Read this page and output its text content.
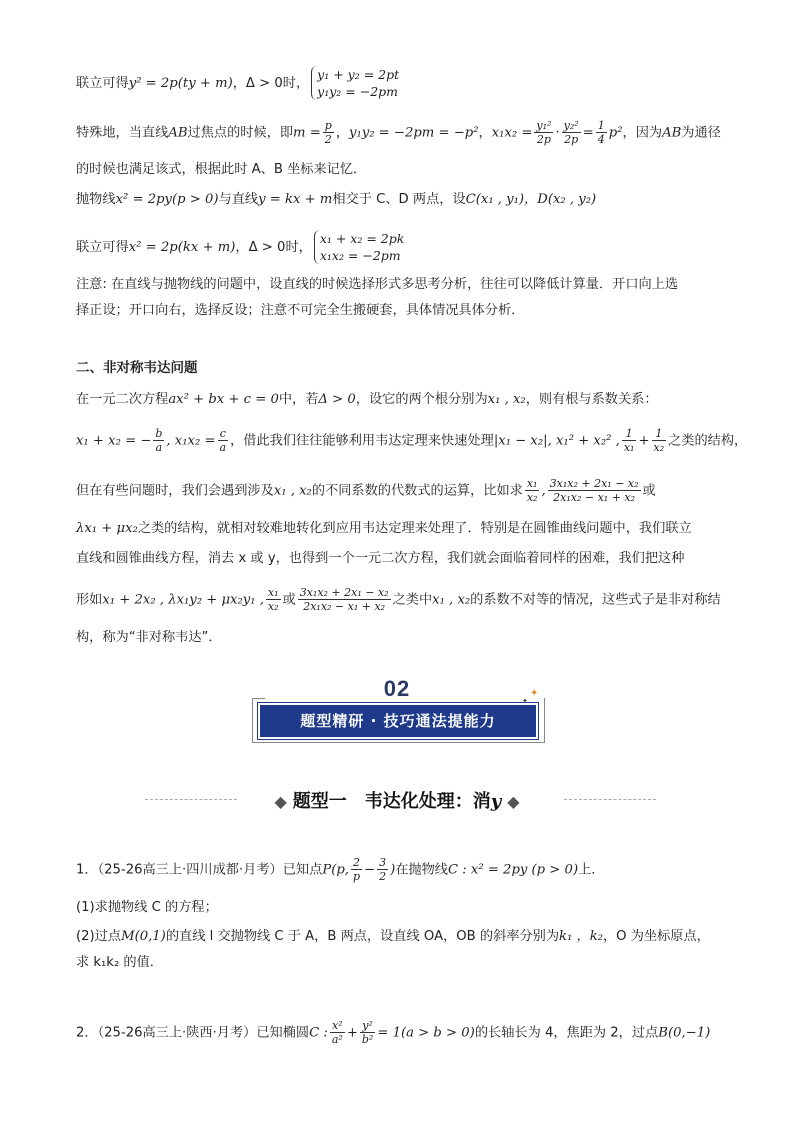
联立可得y² = 2p(ty + m)，Δ > 0时，
y₁ + y₂ = 2pt
y₁y₂ = −2pm
特殊地，当直线AB过焦点的时候，即$m = \frac{p}{2}$ ，y₁y₂ = −2pm = −p²，$x_1x_2 = \frac{\text{y₁²}}{2p} \cdot \frac{\text{y₂²}}{2p} = \frac{1}{4} p^2$，因为AB为通径
的时候也满足该式，根据此时 A、B 坐标来记忆．
抛物线x² = 2py(p > 0)与直线y = kx + m相交于 C、D 两点，设C(x₁ , y₁)，D(x₂ , y₂)
联立可得x² = 2p(kx + m)，Δ > 0时，
x₁ + x₂ = 2pk
x₁x₂ = −2pm
注意: 在直线与抛物线的问题中，设直线的时候选择形式多思考分析，往往可以降低计算量．开口向上选
择正设；开口向右，选择反设；注意不可完全生搬硬套，具体情况具体分析．
二、非对称韦达问题
在一元二次方程ax² + bx + c = 0中，若Δ > 0，设它的两个根分别为x₁ , x₂，则有根与系数关系：
x₁ + x₂ = − $\frac{b}{a}$ , $x_1x_2 = \frac{c}{a}$ ，借此我们往往能够利用韦达定理来快速处理|x₁ − x₂|, x₁² + x₂² , $\frac{1}{\text{x₁}} + \frac{1}{\text{x₂}}$ 之类的结构，
但在有些问题时，我们会遇到涉及x₁ , x₂的不同系数的代数式的运算，比如求 $\frac{\text{x₁}}{\text{x₂}}$ , $\frac{\text{3x₁x₂ + 2x₁ − x₂}}{\text{2x₁x₂ − x₁ + x₂}}$ 或
λx₁ + μx₂之类的结构，就相对较难地转化到应用韦达定理来处理了．特别是在圆锥曲线问题中，我们联立
直线和圆锥曲线方程，消去 x 或 y，也得到一个一元二次方程，我们就会面临着同样的困难，我们把这种
形如x₁ + 2x₂ , λx₁y₂ + μx₂y₁ , $\frac{\text{x₁}}{\text{x₂}}$ 或 $\frac{\text{3x₁x₂ + 2x₁ − x₂}}{\text{2x₁x₂ − x₁ + x₂}}$ 之类中x₁ , x₂的系数不对等的情况，这些式子是非对称结
构，称为“非对称韦达”．
02
题型精研 · 技巧通法提能力
✦
✦
◆ 题型一　韦达化处理：消y ◆
1．（25-26高三上·四川成都·月考）已知点P(p, $\frac{2}{p} - \frac{3}{2}$ )在抛物线C : x² = 2py (p > 0)上．
(1)求抛物线 C 的方程；
(2)过点M(0,1)的直线 l 交抛物线 C 于 A，B 两点，设直线 OA，OB 的斜率分别为k₁ ，k₂，O 为坐标原点，
求 k₁k₂ 的值．
2．（25-26高三上·陕西·月考）已知椭圆C : $\frac{\text{x²}}{\text{a²}} + \frac{\text{y²}}{\text{b²}} = 1(a > b > 0)$的长轴长为 4，焦距为 2，过点B(0,−1)
